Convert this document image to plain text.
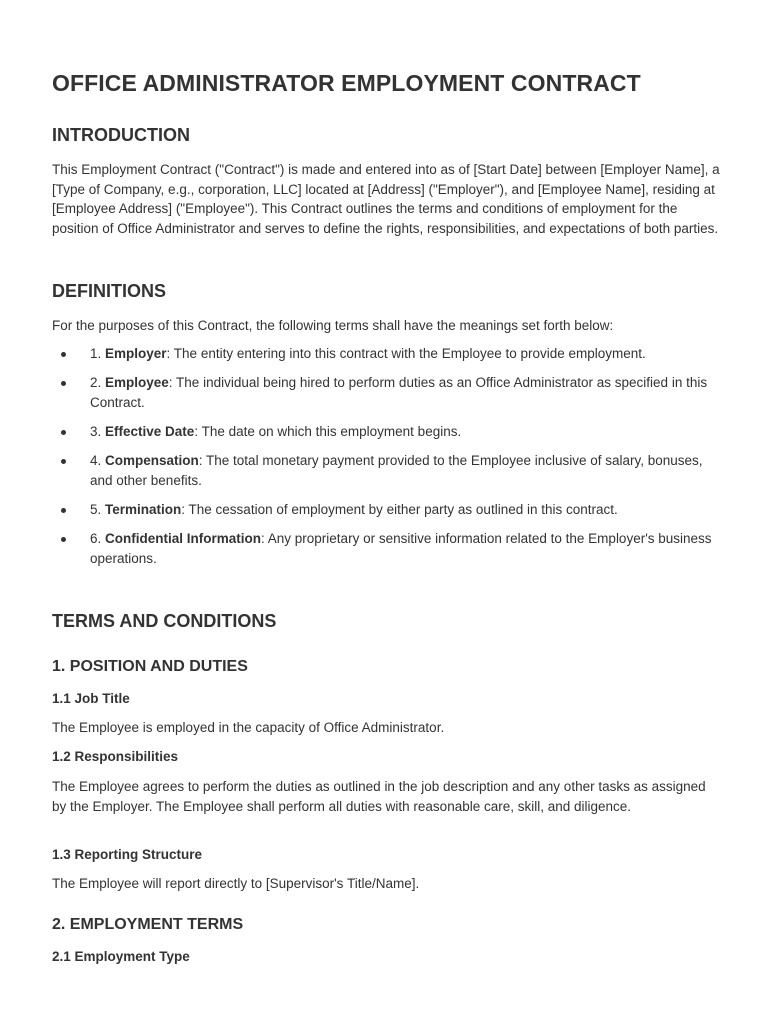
OFFICE ADMINISTRATOR EMPLOYMENT CONTRACT
INTRODUCTION

This Employment Contract ("Contract") is made and entered into as of [Start Date] between [Employer Name], a [Type of Company, e.g., corporation, LLC] located at [Address] ("Employer"), and [Employee Name], residing at [Employee Address] ("Employee"). This Contract outlines the terms and conditions of employment for the position of Office Administrator and serves to define the rights, responsibilities, and expectations of both parties.

DEFINITIONS

For the purposes of this Contract, the following terms shall have the meanings set forth below:

1. Employer: The entity entering into this contract with the Employee to provide employment.
2. Employee: The individual being hired to perform duties as an Office Administrator as specified in this Contract.
3. Effective Date: The date on which this employment begins.
4. Compensation: The total monetary payment provided to the Employee inclusive of salary, bonuses, and other benefits.
5. Termination: The cessation of employment by either party as outlined in this contract.
6. Confidential Information: Any proprietary or sensitive information related to the Employer's business operations.
TERMS AND CONDITIONS
1. POSITION AND DUTIES
1.1 Job Title

The Employee is employed in the capacity of Office Administrator.

1.2 Responsibilities

The Employee agrees to perform the duties as outlined in the job description and any other tasks as assigned by the Employer. The Employee shall perform all duties with reasonable care, skill, and diligence.

1.3 Reporting Structure

The Employee will report directly to [Supervisor's Title/Name].

2. EMPLOYMENT TERMS
2.1 Employment Type
